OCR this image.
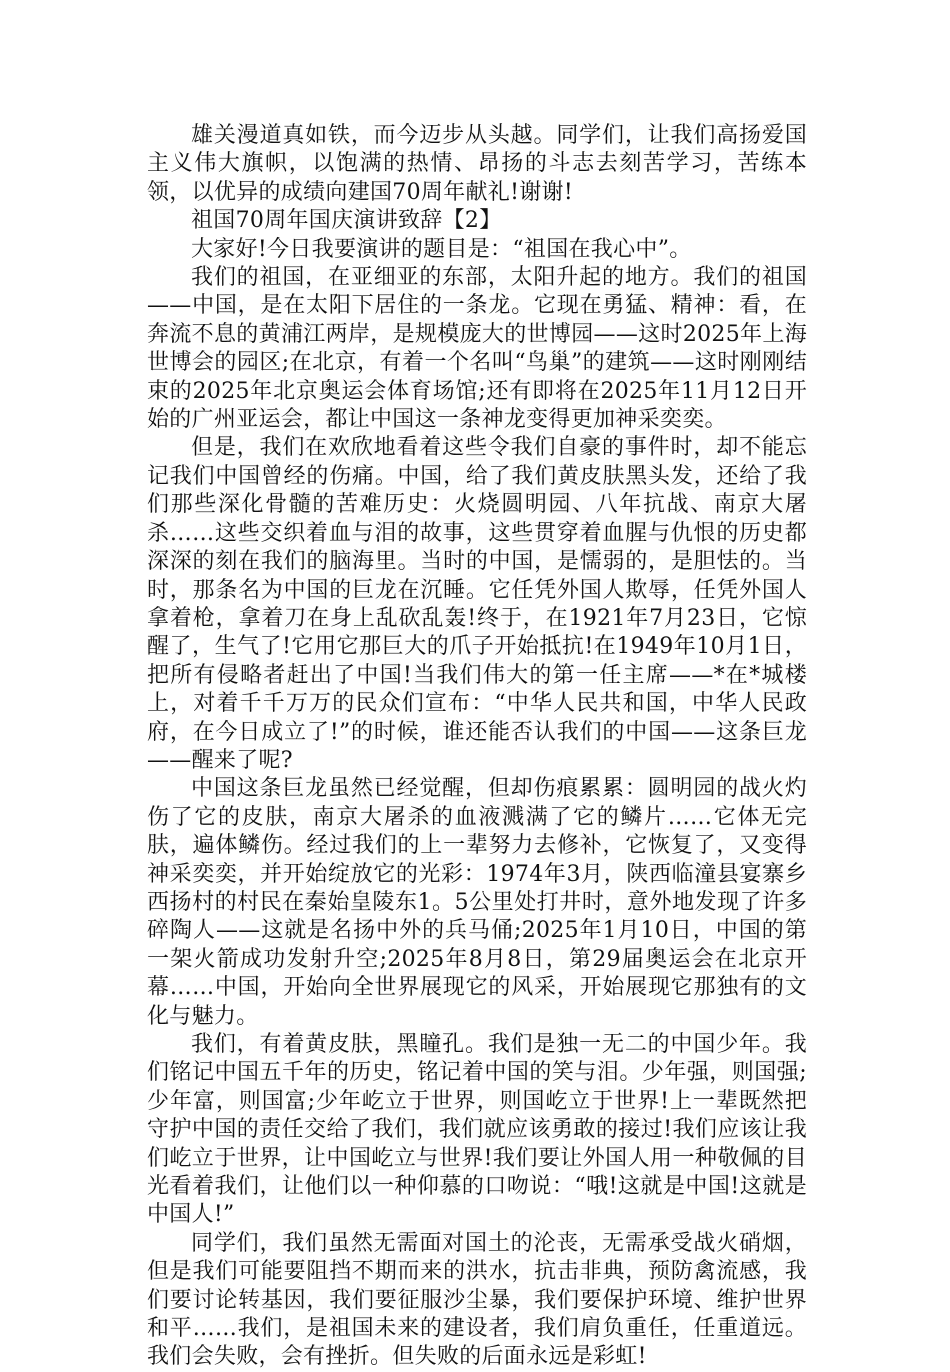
雄关漫道真如铁，而今迈步从头越。同学们，让我们高扬爱国主义伟大旗帜，以饱满的热情、昂扬的斗志去刻苦学习，苦练本领，以优异的成绩向建国70周年献礼!谢谢!

祖国70周年国庆演讲致辞【2】

大家好!今日我要演讲的题目是：“祖国在我心中”。

我们的祖国，在亚细亚的东部，太阳升起的地方。我们的祖国——中国，是在太阳下居住的一条龙。它现在勇猛、精神：看，在奔流不息的黄浦江两岸，是规模庞大的世博园——这时2025年上海世博会的园区;在北京，有着一个名叫“鸟巢”的建筑——这时刚刚结束的2025年北京奥运会体育场馆;还有即将在2025年11月12日开始的广州亚运会，都让中国这一条神龙变得更加神采奕奕。

但是，我们在欢欣地看着这些令我们自豪的事件时，却不能忘记我们中国曾经的伤痛。中国，给了我们黄皮肤黑头发，还给了我们那些深化骨髓的苦难历史：火烧圆明园、八年抗战、南京大屠杀……这些交织着血与泪的故事，这些贯穿着血腥与仇恨的历史都深深的刻在我们的脑海里。当时的中国，是懦弱的，是胆怯的。当时，那条名为中国的巨龙在沉睡。它任凭外国人欺辱，任凭外国人拿着枪，拿着刀在身上乱砍乱轰!终于，在1921年7月23日，它惊醒了，生气了!它用它那巨大的爪子开始抵抗!在1949年10月1日，把所有侵略者赶出了中国!当我们伟大的第一任主席——*在*城楼上，对着千千万万的民众们宣布：“中华人民共和国，中华人民政府，在今日成立了!”的时候，谁还能否认我们的中国——这条巨龙——醒来了呢?

中国这条巨龙虽然已经觉醒，但却伤痕累累：圆明园的战火灼伤了它的皮肤，南京大屠杀的血液溅满了它的鳞片……它体无完肤，遍体鳞伤。经过我们的上一辈努力去修补，它恢复了，又变得神采奕奕，并开始绽放它的光彩：1974年3月，陕西临潼县宴寨乡西扬村的村民在秦始皇陵东1。5公里处打井时，意外地发现了许多碎陶人——这就是名扬中外的兵马俑;2025年1月10日，中国的第一架火箭成功发射升空;2025年8月8日，第29届奥运会在北京开幕……中国，开始向全世界展现它的风采，开始展现它那独有的文化与魅力。

我们，有着黄皮肤，黑瞳孔。我们是独一无二的中国少年。我们铭记中国五千年的历史，铭记着中国的笑与泪。少年强，则国强;少年富，则国富;少年屹立于世界，则国屹立于世界!上一辈既然把守护中国的责任交给了我们，我们就应该勇敢的接过!我们应该让我们屹立于世界，让中国屹立与世界!我们要让外国人用一种敬佩的目光看着我们，让他们以一种仰慕的口吻说：“哦!这就是中国!这就是中国人!”

同学们，我们虽然无需面对国土的沦丧，无需承受战火硝烟，但是我们可能要阻挡不期而来的洪水，抗击非典，预防禽流感，我们要讨论转基因，我们要征服沙尘暴，我们要保护环境、维护世界和平……我们，是祖国未来的建设者，我们肩负重任，任重道远。我们会失败，会有挫折。但失败的后面永远是彩虹!
